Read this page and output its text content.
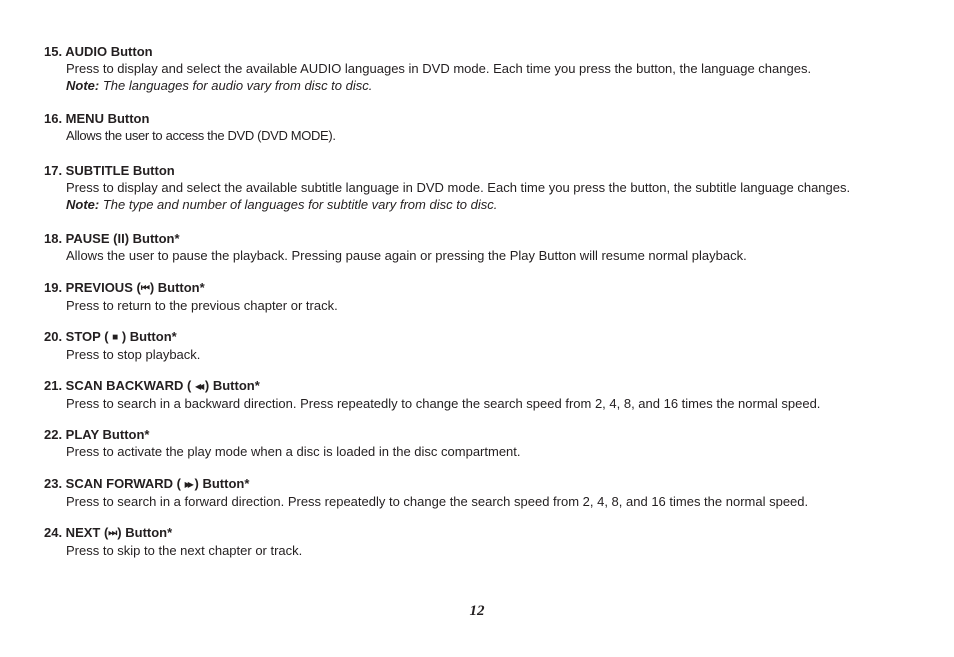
15. AUDIO Button
Press to display and select the available AUDIO languages in DVD mode. Each time you press the button, the language changes.
Note: The languages for audio vary from disc to disc.
16. MENU Button
Allows the user to access the DVD (DVD MODE).
17. SUBTITLE Button
Press to display and select the available subtitle language in DVD mode. Each time you press the button, the subtitle language changes.
Note: The type and number of languages for subtitle vary from disc to disc.
18. PAUSE (II) Button*
Allows the user to pause the playback. Pressing pause again or pressing the Play Button will resume normal playback.
19. PREVIOUS (⏮) Button*
Press to return to the previous chapter or track.
20. STOP ( ■ ) Button*
Press to stop playback.
21. SCAN BACKWARD ( ◀◀ ) Button*
Press to search in a backward direction. Press repeatedly to change the search speed from 2, 4, 8, and 16 times the normal speed.
22. PLAY Button*
Press to activate the play mode when a disc is loaded in the disc compartment.
23. SCAN FORWARD ( ▶▶ ) Button*
Press to search in a forward direction. Press repeatedly to change the search speed from 2, 4, 8, and 16 times the normal speed.
24. NEXT (⏭) Button*
Press to skip to the next chapter or track.
12
